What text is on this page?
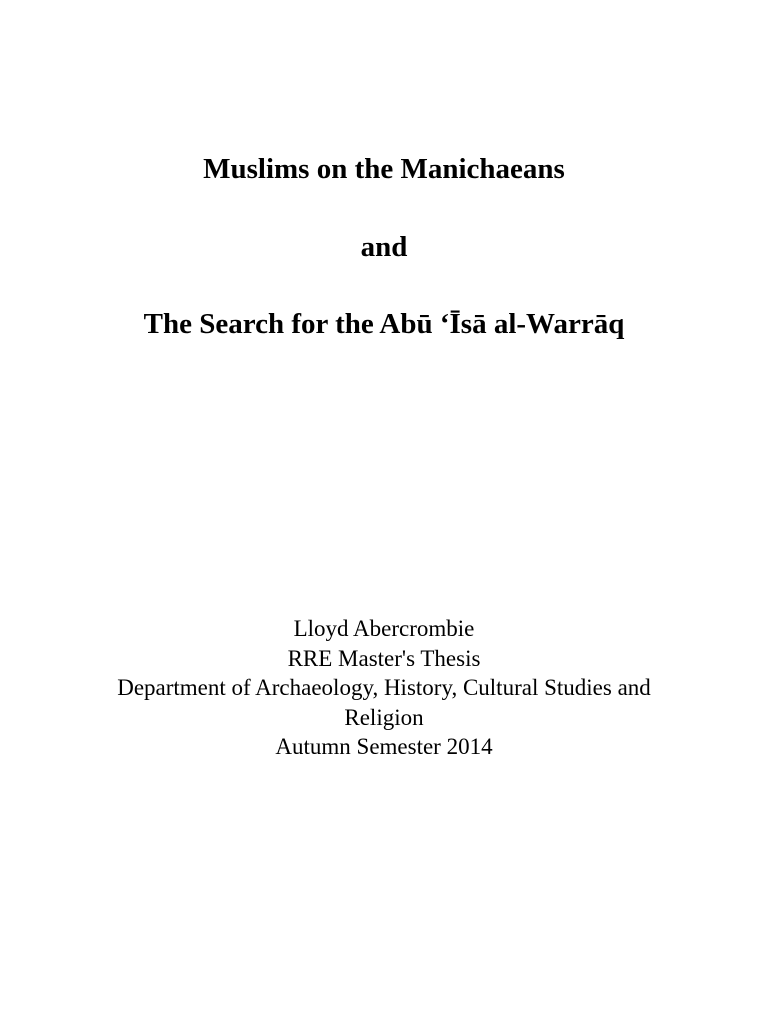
Muslims on the Manichaeans

and

The Search for the Abū ‘Īsā al-Warrāq

Lloyd Abercrombie

RRE Master's Thesis

Department of Archaeology, History, Cultural Studies and

Religion

Autumn Semester 2014
